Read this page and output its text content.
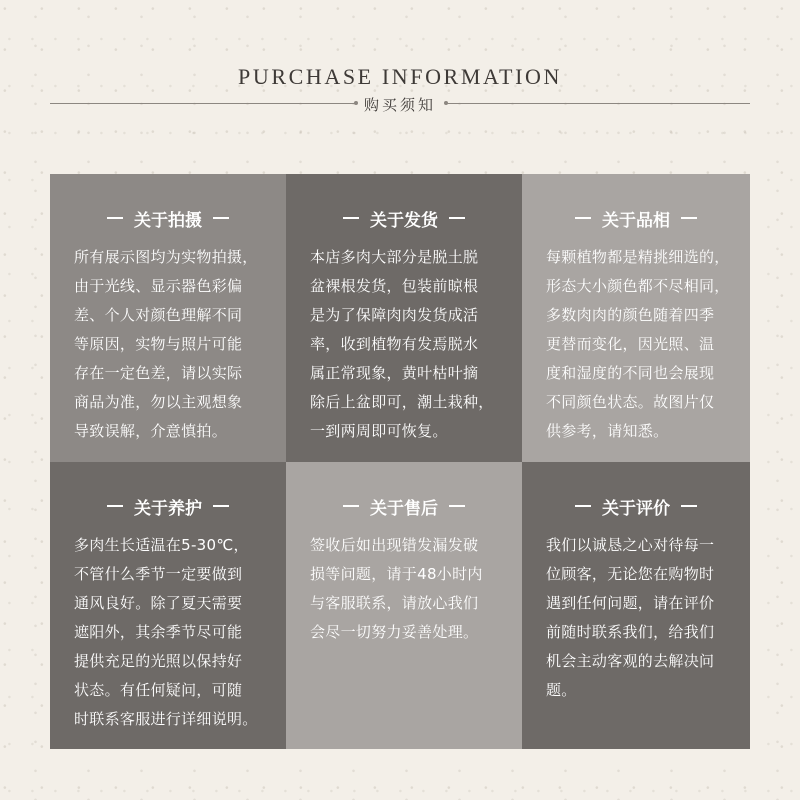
PURCHASE INFORMATION
购买须知
关于拍摄
所有展示图均为实物拍摄，
由于光线、显示器色彩偏
差、个人对颜色理解不同
等原因，实物与照片可能
存在一定色差，请以实际
商品为准，勿以主观想象
导致误解，介意慎拍。
关于发货
本店多肉大部分是脱土脱
盆裸根发货，包装前晾根
是为了保障肉肉发货成活
率，收到植物有发焉脱水
属正常现象，黄叶枯叶摘
除后上盆即可，潮土栽种，
一到两周即可恢复。
关于品相
每颗植物都是精挑细选的，
形态大小颜色都不尽相同，
多数肉肉的颜色随着四季
更替而变化，因光照、温
度和湿度的不同也会展现
不同颜色状态。故图片仅
供参考，请知悉。
关于养护
多肉生长适温在5-30℃，
不管什么季节一定要做到
通风良好。除了夏天需要
遮阳外，其余季节尽可能
提供充足的光照以保持好
状态。有任何疑问，可随
时联系客服进行详细说明。
关于售后
签收后如出现错发漏发破
损等问题，请于48小时内
与客服联系，请放心我们
会尽一切努力妥善处理。
关于评价
我们以诚恳之心对待每一
位顾客，无论您在购物时
遇到任何问题，请在评价
前随时联系我们，给我们
机会主动客观的去解决问
题。
